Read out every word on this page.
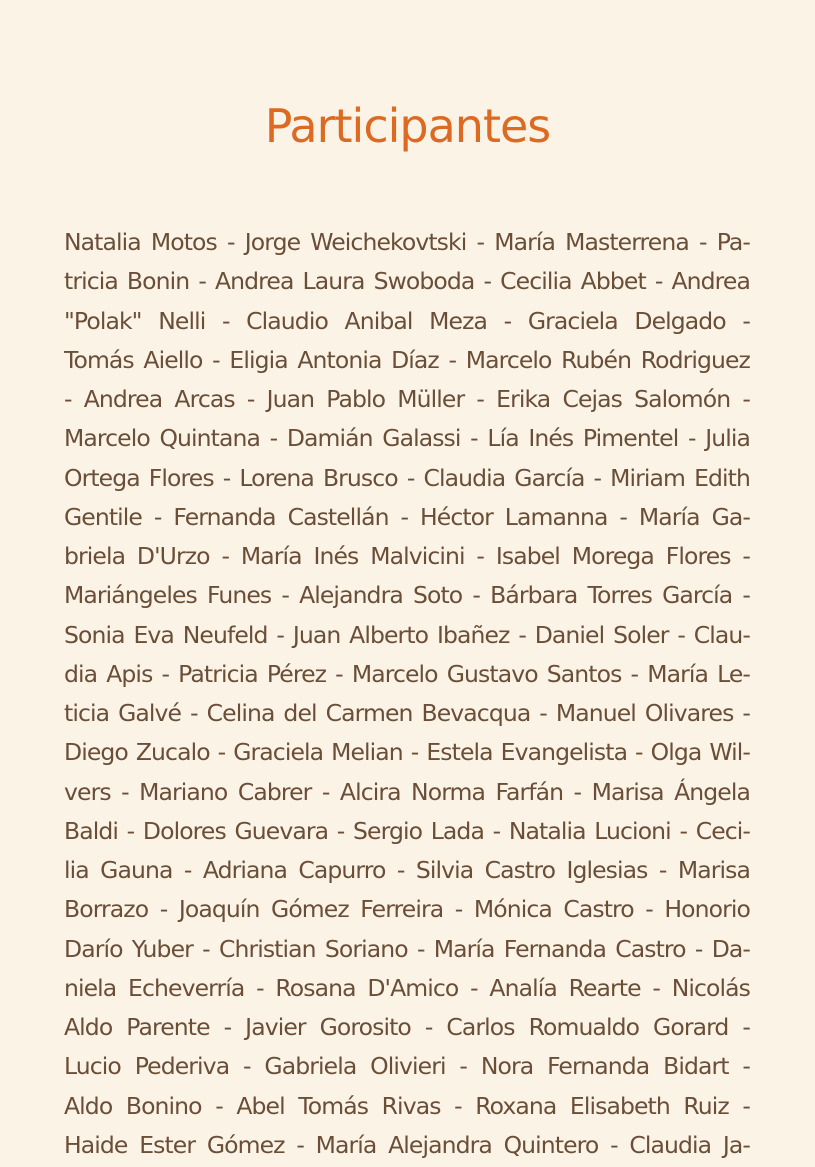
Participantes
Natalia Motos - Jorge Weichekovtski - María Masterrena - Pa-
tricia Bonin - Andrea Laura Swoboda - Cecilia Abbet - Andrea
"Polak" Nelli - Claudio Anibal Meza - Graciela Delgado -
Tomás Aiello - Eligia Antonia Díaz - Marcelo Rubén Rodriguez
- Andrea Arcas - Juan Pablo Müller - Erika Cejas Salomón -
Marcelo Quintana - Damián Galassi - Lía Inés Pimentel - Julia
Ortega Flores - Lorena Brusco - Claudia García - Miriam Edith
Gentile - Fernanda Castellán - Héctor Lamanna - María Ga-
briela D'Urzo - María Inés Malvicini - Isabel Morega Flores -
Mariángeles Funes - Alejandra Soto - Bárbara Torres García -
Sonia Eva Neufeld - Juan Alberto Ibañez - Daniel Soler - Clau-
dia Apis - Patricia Pérez - Marcelo Gustavo Santos - María Le-
ticia Galvé - Celina del Carmen Bevacqua - Manuel Olivares -
Diego Zucalo - Graciela Melian - Estela Evangelista - Olga Wil-
vers - Mariano Cabrer - Alcira Norma Farfán - Marisa Ángela
Baldi - Dolores Guevara - Sergio Lada - Natalia Lucioni - Ceci-
lia Gauna - Adriana Capurro - Silvia Castro Iglesias - Marisa
Borrazo - Joaquín Gómez Ferreira - Mónica Castro - Honorio
Darío Yuber - Christian Soriano - María Fernanda Castro - Da-
niela Echeverría - Rosana D'Amico - Analía Rearte - Nicolás
Aldo Parente - Javier Gorosito - Carlos Romualdo Gorard -
Lucio Pederiva - Gabriela Olivieri - Nora Fernanda Bidart -
Aldo Bonino - Abel Tomás Rivas - Roxana Elisabeth Ruiz -
Haide Ester Gómez - María Alejandra Quintero - Claudia Ja-
